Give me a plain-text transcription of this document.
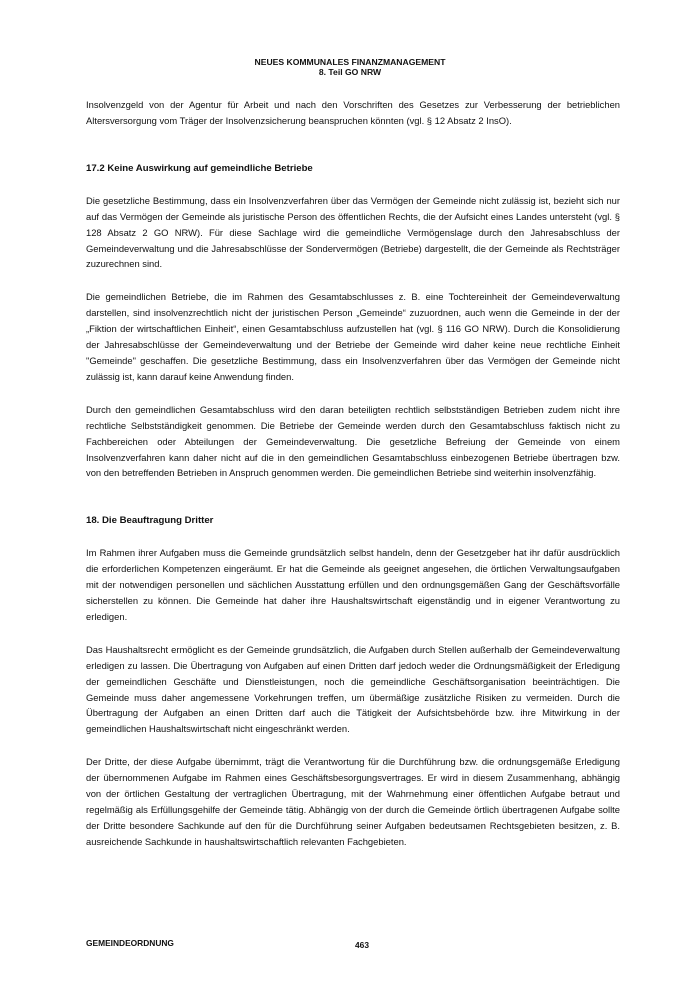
NEUES KOMMUNALES FINANZMANAGEMENT
8. Teil GO NRW

Insolvenzgeld von der Agentur für Arbeit und nach den Vorschriften des Gesetzes zur Verbesserung der betrieblichen Altersversorgung vom Träger der Insolvenzsicherung beanspruchen könnten (vgl. § 12 Absatz 2 InsO).

17.2 Keine Auswirkung auf gemeindliche Betriebe

Die gesetzliche Bestimmung, dass ein Insolvenzverfahren über das Vermögen der Gemeinde nicht zulässig ist, bezieht sich nur auf das Vermögen der Gemeinde als juristische Person des öffentlichen Rechts, die der Aufsicht eines Landes untersteht (vgl. § 128 Absatz 2 GO NRW). Für diese Sachlage wird die gemeindliche Vermögenslage durch den Jahresabschluss der Gemeindeverwaltung und die Jahresabschlüsse der Sondervermögen (Betriebe) dargestellt, die der Gemeinde als Rechtsträger zuzurechnen sind.

Die gemeindlichen Betriebe, die im Rahmen des Gesamtabschlusses z. B. eine Tochtereinheit der Gemeindeverwaltung darstellen, sind insolvenzrechtlich nicht der juristischen Person „Gemeinde“ zuzuordnen, auch wenn die Gemeinde in der der „Fiktion der wirtschaftlichen Einheit“, einen Gesamtabschluss aufzustellen hat (vgl. § 116 GO NRW). Durch die Konsolidierung der Jahresabschlüsse der Gemeindeverwaltung und der Betriebe der Gemeinde wird daher keine neue rechtliche Einheit "Gemeinde" geschaffen. Die gesetzliche Bestimmung, dass ein Insolvenzverfahren über das Vermögen der Gemeinde nicht zulässig ist, kann darauf keine Anwendung finden.

Durch den gemeindlichen Gesamtabschluss wird den daran beteiligten rechtlich selbstständigen Betrieben zudem nicht ihre rechtliche Selbstständigkeit genommen. Die Betriebe der Gemeinde werden durch den Gesamtabschluss faktisch nicht zu Fachbereichen oder Abteilungen der Gemeindeverwaltung. Die gesetzliche Befreiung der Gemeinde von einem Insolvenzverfahren kann daher nicht auf die in den gemeindlichen Gesamtabschluss einbezogenen Betriebe übertragen bzw. von den betreffenden Betrieben in Anspruch genommen werden. Die gemeindlichen Betriebe sind weiterhin insolvenzfähig.

18. Die Beauftragung Dritter

Im Rahmen ihrer Aufgaben muss die Gemeinde grundsätzlich selbst handeln, denn der Gesetzgeber hat ihr dafür ausdrücklich die erforderlichen Kompetenzen eingeräumt. Er hat die Gemeinde als geeignet angesehen, die örtlichen Verwaltungsaufgaben mit der notwendigen personellen und sächlichen Ausstattung erfüllen und den ordnungsgemäßen Gang der Geschäftsvorfälle sicherstellen zu können. Die Gemeinde hat daher ihre Haushaltswirtschaft eigenständig und in eigener Verantwortung zu erledigen.

Das Haushaltsrecht ermöglicht es der Gemeinde grundsätzlich, die Aufgaben durch Stellen außerhalb der Gemeindeverwaltung erledigen zu lassen. Die Übertragung von Aufgaben auf einen Dritten darf jedoch weder die Ordnungsmäßigkeit der Erledigung der gemeindlichen Geschäfte und Dienstleistungen, noch die gemeindliche Geschäftsorganisation beeinträchtigen. Die Gemeinde muss daher angemessene Vorkehrungen treffen, um übermäßige zusätzliche Risiken zu vermeiden. Durch die Übertragung der Aufgaben an einen Dritten darf auch die Tätigkeit der Aufsichtsbehörde bzw. ihre Mitwirkung in der gemeindlichen Haushaltswirtschaft nicht eingeschränkt werden.

Der Dritte, der diese Aufgabe übernimmt, trägt die Verantwortung für die Durchführung bzw. die ordnungsgemäße Erledigung der übernommenen Aufgabe im Rahmen eines Geschäftsbesorgungsvertrages. Er wird in diesem Zusammenhang, abhängig von der örtlichen Gestaltung der vertraglichen Übertragung, mit der Wahrnehmung einer öffentlichen Aufgabe betraut und regelmäßig als Erfüllungsgehilfe der Gemeinde tätig. Abhängig von der durch die Gemeinde örtlich übertragenen Aufgabe sollte der Dritte besondere Sachkunde auf den für die Durchführung seiner Aufgaben bedeutsamen Rechtsgebieten besitzen, z. B. ausreichende Sachkunde in haushaltswirtschaftlich relevanten Fachgebieten.

GEMEINDEORDNUNG	463
